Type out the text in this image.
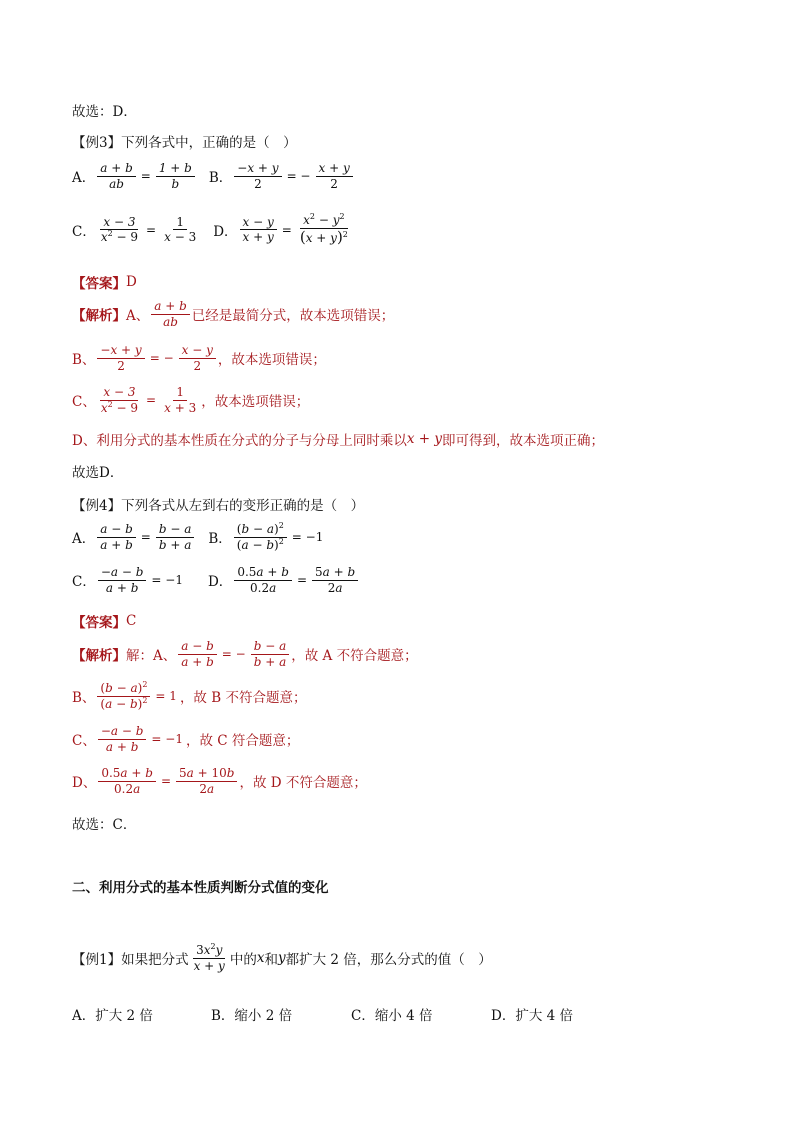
故选：D．
【例3】 下列各式中，正确的是（　）
A． $\frac{a + b}{ab} = \frac{1 + b}{b}$ B． $\frac{-x + y}{2}$ = − $\frac{x + y}{2}$
C． $\frac{x - 3}{x^2 - 9} = \frac{1}{x - 3}$ D． $\frac{x - y}{x + y} = \frac{x^2 - y^2}{(x + y)^2}$
【答案】 D
【解析】 A、 $\frac{a + b}{ab}$ 已经是最简分式，故本选项错误；
B、 $\frac{-x + y}{2}$ = − $\frac{x - y}{2}$ ，故本选项错误；
C、 $\frac{x - 3}{x^2 - 9} = \frac{1}{x + 3}$ ，故本选项错误；
D、利用分式的基本性质在分式的分子与分母上同时乘以 x + y 即可得到，故本选项正确；
故选D．
【例4】 下列各式从左到右的变形正确的是（　）
A． $\frac{a - b}{a + b} = \frac{b - a}{b + a}$ B． $\frac{(b - a)^2}{(a - b)^2} = -1$
C． $\frac{-a - b}{a + b} = -1$ D． $\frac{0.5a + b}{0.2a} = \frac{5a + b}{2a}$
【答案】 C
【解析】 解：A、 $\frac{a - b}{a + b}$ = − $\frac{b - a}{b + a}$ ，故 A 不符合题意；
B、 $\frac{(b - a)^2}{(a - b)^2} = 1$ ，故 B 不符合题意；
C、 $\frac{-a - b}{a + b} = -1$ ，故 C 符合题意；
D、 $\frac{0.5a + b}{0.2a} = \frac{5a + 10b}{2a}$ ，故 D 不符合题意；
故选：C．
二、利用分式的基本性质判断分式值的变化
【例1】 如果把分式 $\frac{3x^2y}{x + y}$ 中的 x 和 y 都扩大 2 倍，那么分式的值（　）
A．扩大 2 倍	B．缩小 2 倍	C．缩小 4 倍	D．扩大 4 倍
